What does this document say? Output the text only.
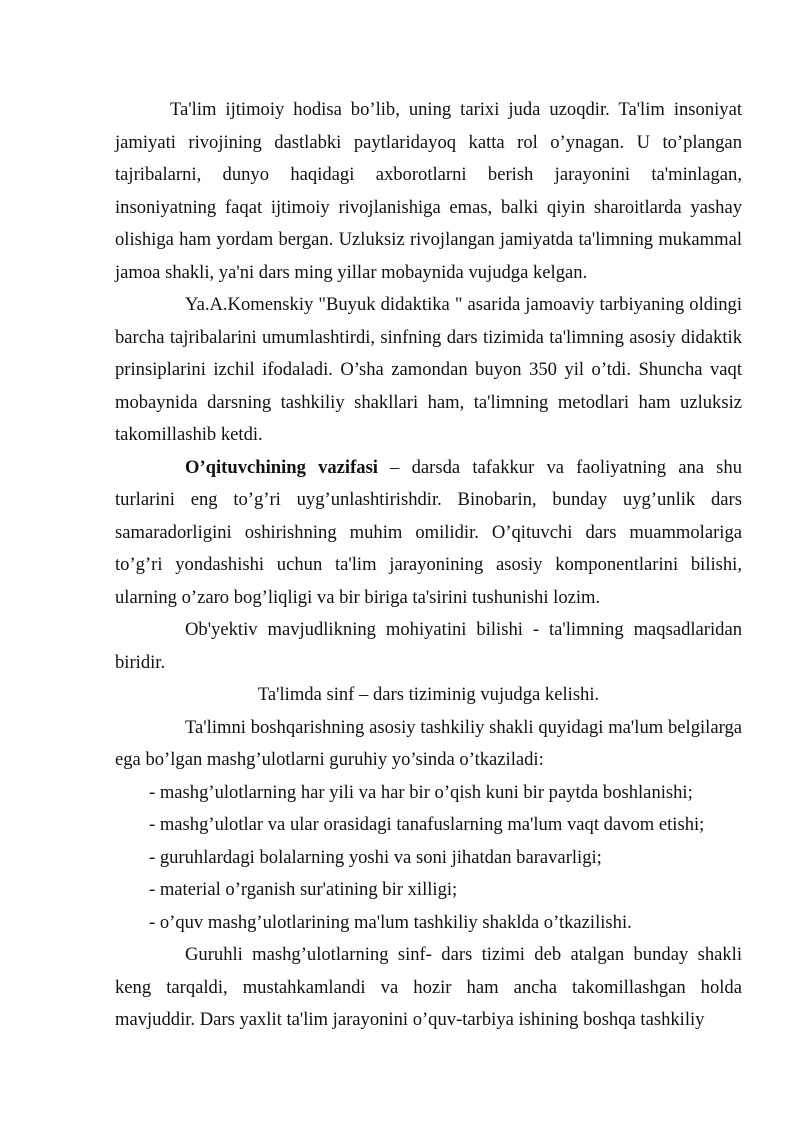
Ta'lim ijtimoiy hodisa bo’lib, uning tarixi juda uzoqdir. Ta'lim insoniyat jamiyati rivojining dastlabki paytlaridayoq katta rol o’ynagan. U to’plangan tajribalarni, dunyo haqidagi axborotlarni berish jarayonini ta'minlagan, insoniyatning faqat ijtimoiy rivojlanishiga emas, balki qiyin sharoitlarda yashay olishiga ham yordam bergan. Uzluksiz rivojlangan jamiyatda ta'limning mukammal jamoa shakli, ya'ni dars ming yillar mobaynida vujudga kelgan.

Ya.A.Komenskiy "Buyuk didaktika " asarida jamoaviy tarbiyaning oldingi barcha tajribalarini umumlashtirdi, sinfning dars tizimida ta'limning asosiy didaktik prinsiplarini izchil ifodaladi. O’sha zamondan buyon 350 yil o’tdi. Shuncha vaqt mobaynida darsning tashkiliy shakllari ham, ta'limning metodlari ham uzluksiz takomillashib ketdi.

O’qituvchining vazifasi – darsda tafakkur va faoliyatning ana shu turlarini eng to’g’ri uyg’unlashtirishdir. Binobarin, bunday uyg’unlik dars samaradorligini oshirishning muhim omilidir. O’qituvchi dars muammolariga to’g’ri yondashishi uchun ta'lim jarayonining asosiy komponentlarini bilishi, ularning o’zaro bog’liqligi va bir biriga ta'sirini tushunishi lozim.

Ob'yektiv mavjudlikning mohiyatini bilishi - ta'limning maqsadlaridan biridir.

Ta'limda sinf – dars tiziminig vujudga kelishi.

Ta'limni boshqarishning asosiy tashkiliy shakli quyidagi ma'lum belgilarga ega bo’lgan mashg’ulotlarni guruhiy yo’sinda o’tkaziladi:

- mashg’ulotlarning har yili va har bir o’qish kuni bir paytda boshlanishi;

- mashg’ulotlar va ular orasidagi tanafuslarning ma'lum vaqt davom etishi;

- guruhlardagi bolalarning yoshi va soni jihatdan baravarligi;

- material o’rganish sur'atining bir xilligi;

- o’quv mashg’ulotlarining ma'lum tashkiliy shaklda o’tkazilishi.

Guruhli mashg’ulotlarning sinf- dars tizimi deb atalgan bunday shakli keng tarqaldi, mustahkamlandi va hozir ham ancha takomillashgan holda mavjuddir. Dars yaxlit ta'lim jarayonini o’quv-tarbiya ishining boshqa tashkiliy
